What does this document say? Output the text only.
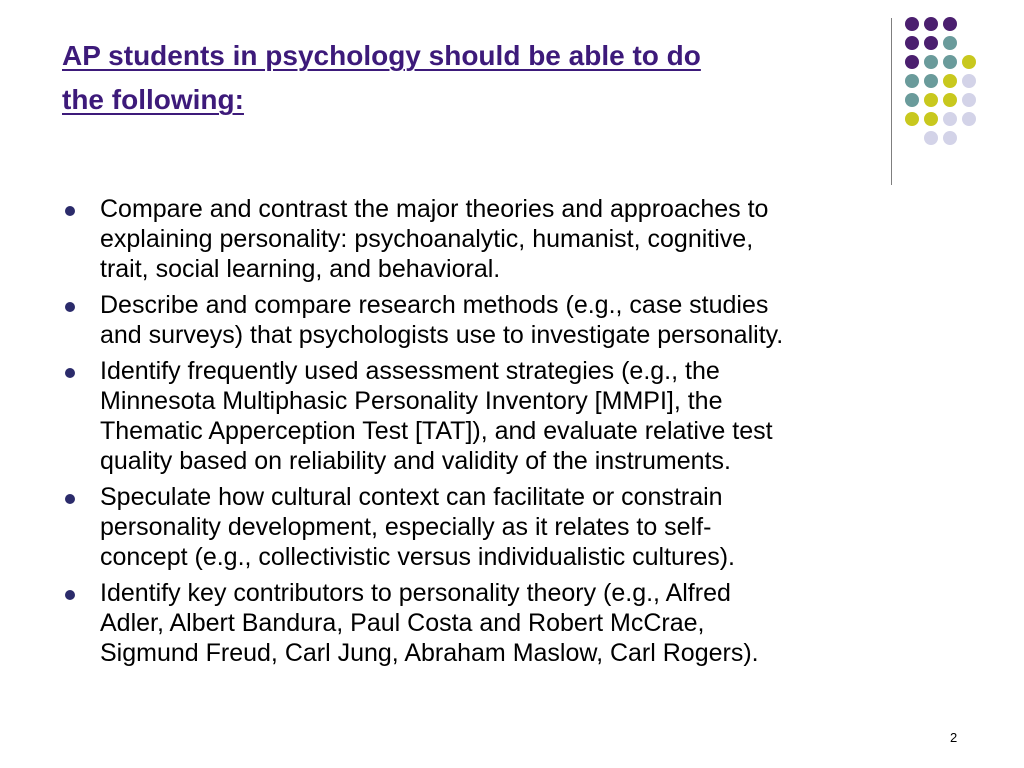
AP students in psychology should be able to do
the following:
Compare and contrast the major theories and approaches to
explaining personality: psychoanalytic, humanist, cognitive,
trait, social learning, and behavioral.
Describe and compare research methods (e.g., case studies
and surveys) that psychologists use to investigate personality.
Identify frequently used assessment strategies (e.g., the
Minnesota Multiphasic Personality Inventory [MMPI], the
Thematic Apperception Test [TAT]), and evaluate relative test
quality based on reliability and validity of the instruments.
Speculate how cultural context can facilitate or constrain
personality development, especially as it relates to self-
concept (e.g., collectivistic versus individualistic cultures).
Identify key contributors to personality theory (e.g., Alfred
Adler, Albert Bandura, Paul Costa and Robert McCrae,
Sigmund Freud, Carl Jung, Abraham Maslow, Carl Rogers).
2
